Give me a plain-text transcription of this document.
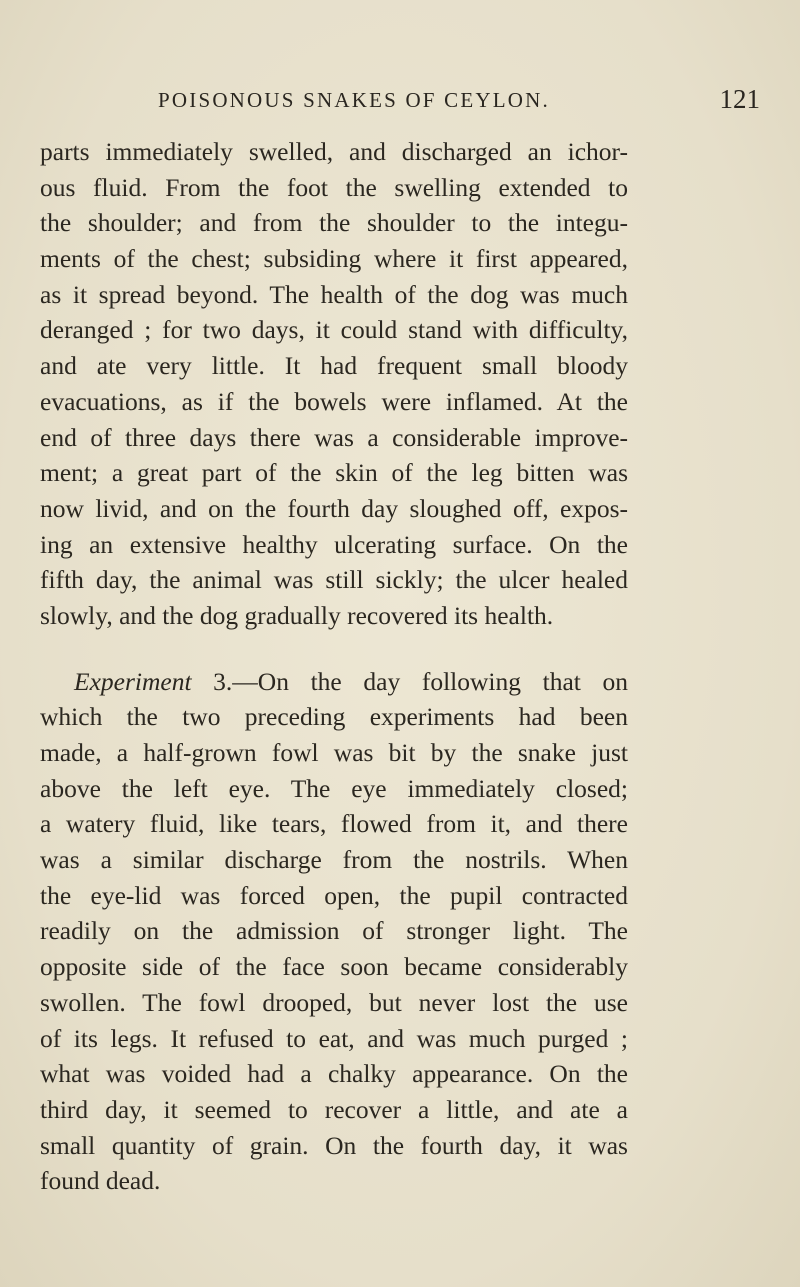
POISONOUS SNAKES OF CEYLON.	121
parts immediately swelled, and discharged an ichor-
ous fluid. From the foot the swelling extended to
the shoulder; and from the shoulder to the integu-
ments of the chest; subsiding where it first appeared,
as it spread beyond. The health of the dog was much
deranged ; for two days, it could stand with difficulty,
and ate very little. It had frequent small bloody
evacuations, as if the bowels were inflamed. At the
end of three days there was a considerable improve-
ment; a great part of the skin of the leg bitten was
now livid, and on the fourth day sloughed off, expos-
ing an extensive healthy ulcerating surface. On the
fifth day, the animal was still sickly; the ulcer healed
slowly, and the dog gradually recovered its health.
Experiment 3.—On the day following that on
which the two preceding experiments had been
made, a half-grown fowl was bit by the snake just
above the left eye. The eye immediately closed;
a watery fluid, like tears, flowed from it, and there
was a similar discharge from the nostrils. When
the eye-lid was forced open, the pupil contracted
readily on the admission of stronger light. The
opposite side of the face soon became considerably
swollen. The fowl drooped, but never lost the use
of its legs. It refused to eat, and was much purged ;
what was voided had a chalky appearance. On the
third day, it seemed to recover a little, and ate a
small quantity of grain. On the fourth day, it was
found dead.
